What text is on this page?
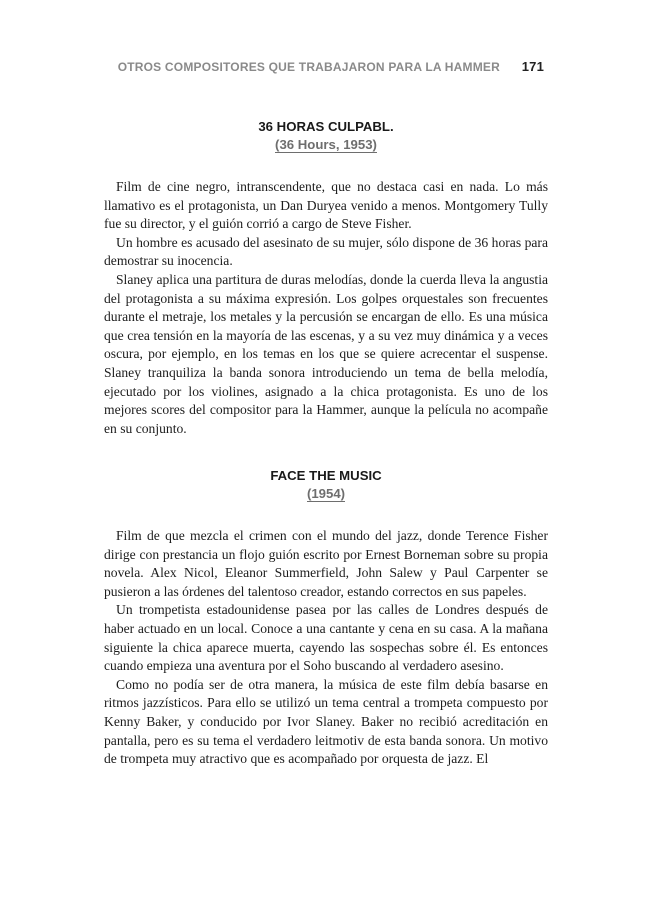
OTROS COMPOSITORES QUE TRABAJARON PARA LA HAMMER 171
36 HORAS CULPABL.
(36 Hours, 1953)

Film de cine negro, intranscendente, que no destaca casi en nada. Lo más llamativo es el protagonista, un Dan Duryea venido a menos. Montgomery Tully fue su director, y el guión corrió a cargo de Steve Fisher.

Un hombre es acusado del asesinato de su mujer, sólo dispone de 36 horas para demostrar su inocencia.

Slaney aplica una partitura de duras melodías, donde la cuerda lleva la angustia del protagonista a su máxima expresión. Los golpes orquestales son frecuentes durante el metraje, los metales y la percusión se encargan de ello. Es una música que crea tensión en la mayoría de las escenas, y a su vez muy dinámica y a veces oscura, por ejemplo, en los temas en los que se quiere acrecentar el suspense. Slaney tranquiliza la banda sonora introduciendo un tema de bella melodía, ejecutado por los violines, asignado a la chica protagonista. Es uno de los mejores scores del compositor para la Hammer, aunque la película no acompañe en su conjunto.

FACE THE MUSIC
(1954)

Film de que mezcla el crimen con el mundo del jazz, donde Terence Fisher dirige con prestancia un flojo guión escrito por Ernest Borneman sobre su propia novela. Alex Nicol, Eleanor Summerfield, John Salew y Paul Carpenter se pusieron a las órdenes del talentoso creador, estando correctos en sus papeles.

Un trompetista estadounidense pasea por las calles de Londres después de haber actuado en un local. Conoce a una cantante y cena en su casa. A la mañana siguiente la chica aparece muerta, cayendo las sospechas sobre él. Es entonces cuando empieza una aventura por el Soho buscando al verdadero asesino.

Como no podía ser de otra manera, la música de este film debía basarse en ritmos jazzísticos. Para ello se utilizó un tema central a trompeta compuesto por Kenny Baker, y conducido por Ivor Slaney. Baker no recibió acreditación en pantalla, pero es su tema el verdadero leitmotiv de esta banda sonora. Un motivo de trompeta muy atractivo que es acompañado por orquesta de jazz. El
